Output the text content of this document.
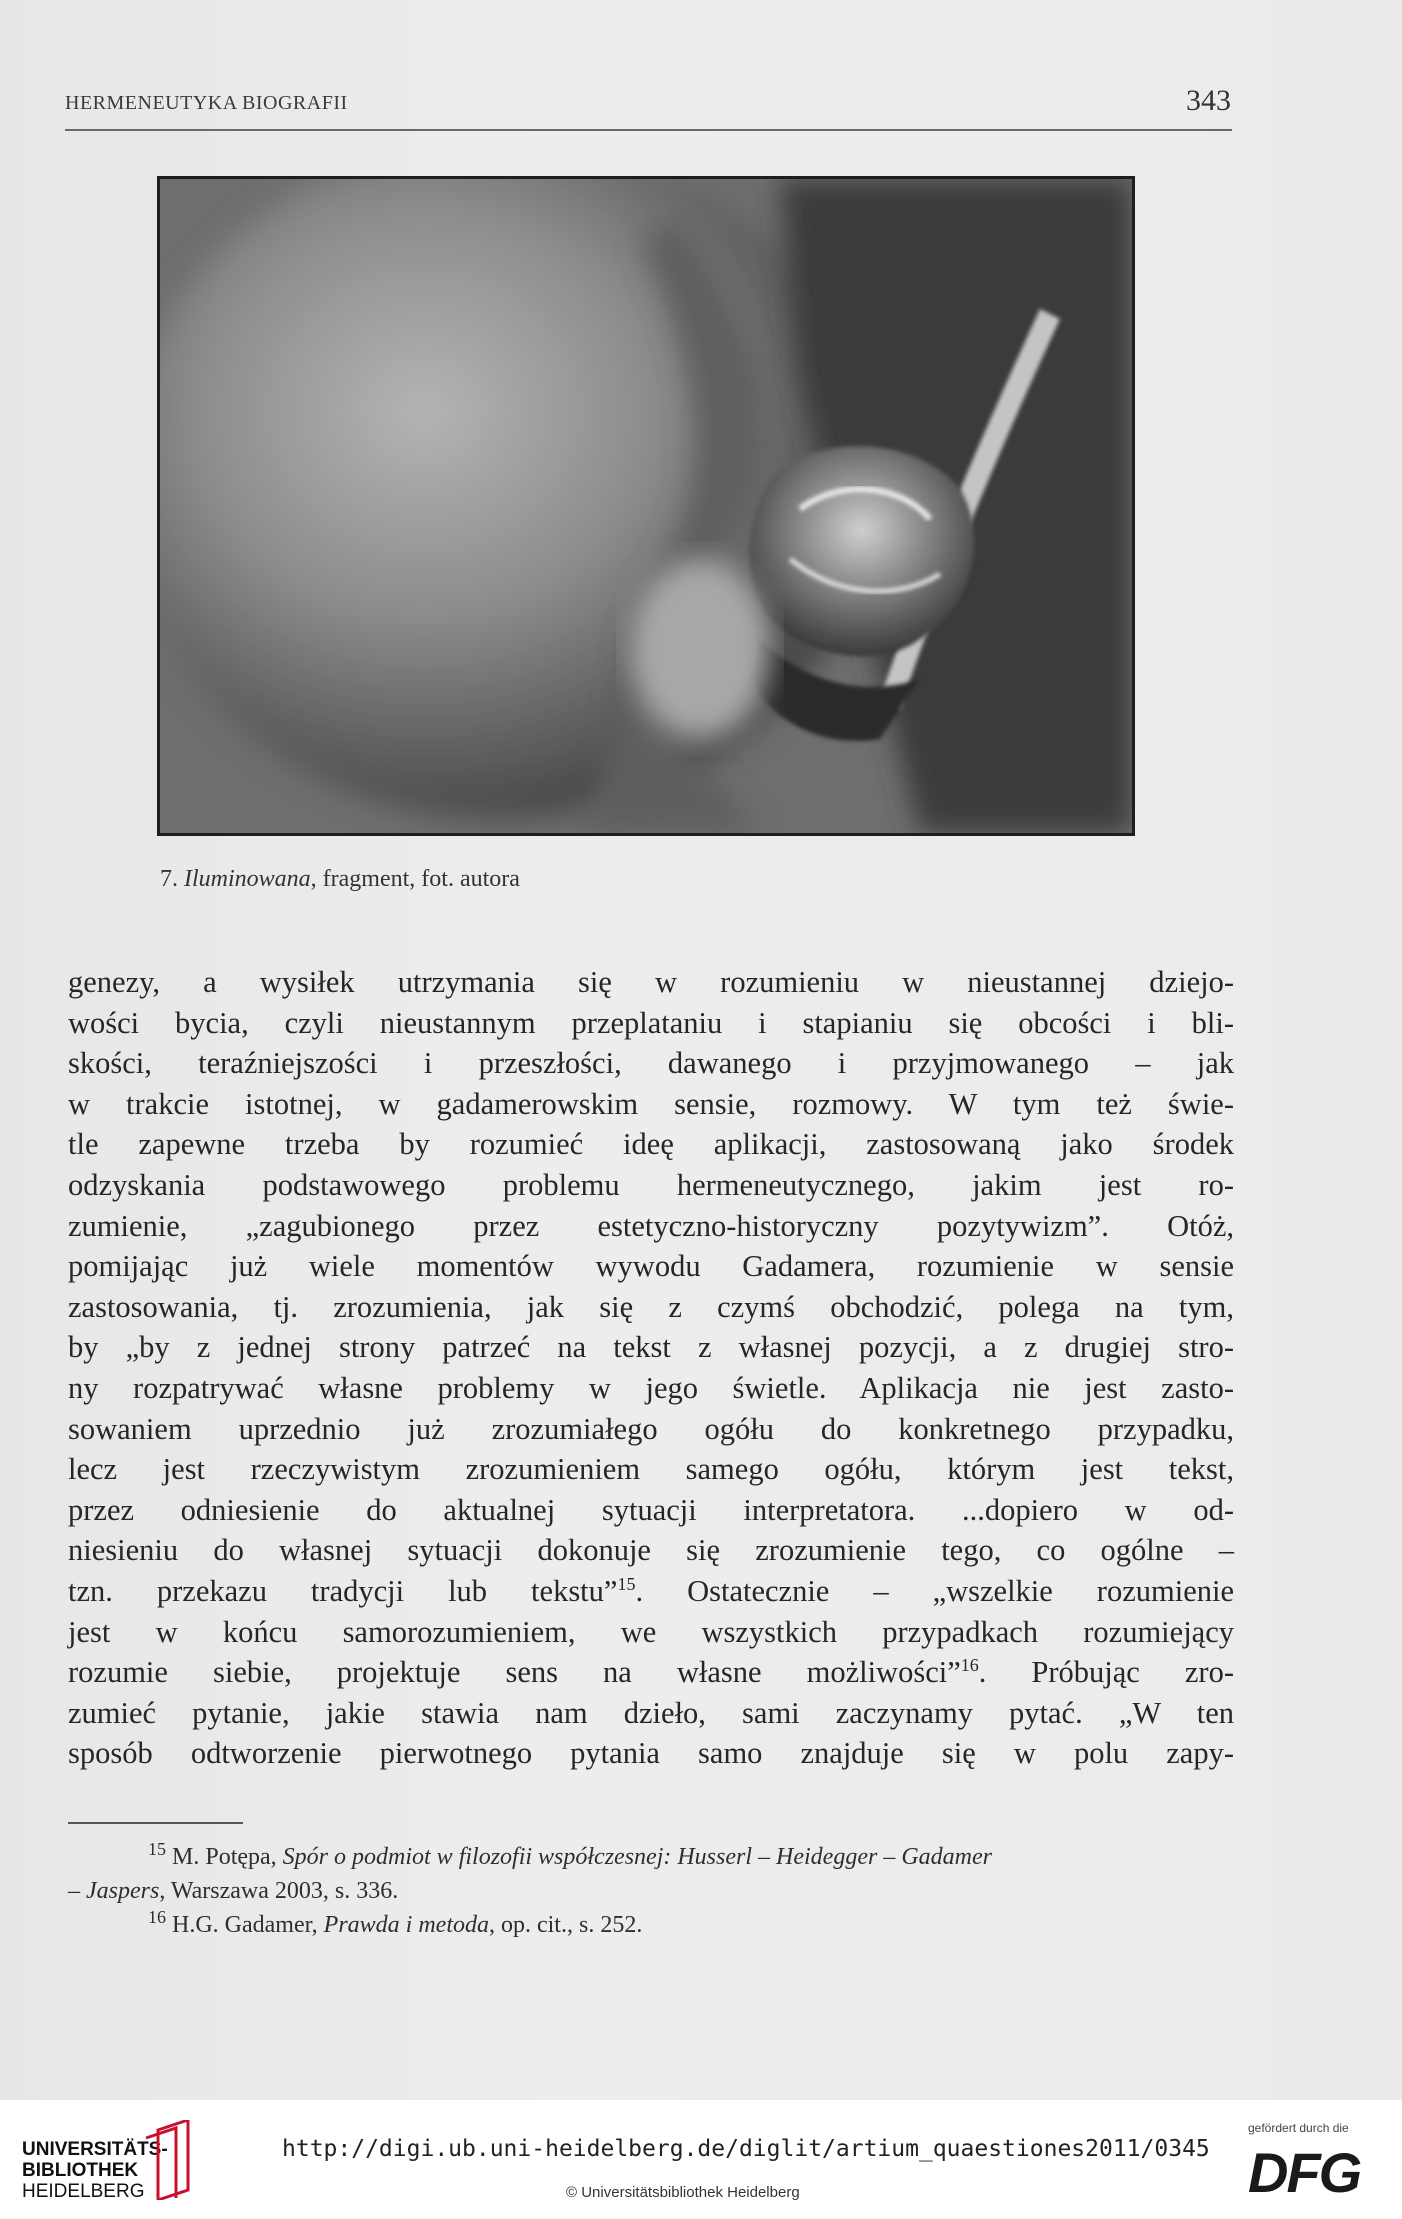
HERMENEUTYKA BIOGRAFII	343
7. Iluminowana, fragment, fot. autora
genezy, a wysiłek utrzymania się w rozumieniu w nieustannej dziejo-
wości bycia, czyli nieustannym przeplataniu i stapianiu się obcości i bli-
skości, teraźniejszości i przeszłości, dawanego i przyjmowanego – jak
w trakcie istotnej, w gadamerowskim sensie, rozmowy. W tym też świe-
tle zapewne trzeba by rozumieć ideę aplikacji, zastosowaną jako środek
odzyskania podstawowego problemu hermeneutycznego, jakim jest ro-
zumienie, „zagubionego przez estetyczno-historyczny pozytywizm”. Otóż,
pomijając już wiele momentów wywodu Gadamera, rozumienie w sensie
zastosowania, tj. zrozumienia, jak się z czymś obchodzić, polega na tym,
by „by z jednej strony patrzeć na tekst z własnej pozycji, a z drugiej stro-
ny rozpatrywać własne problemy w jego świetle. Aplikacja nie jest zasto-
sowaniem uprzednio już zrozumiałego ogółu do konkretnego przypadku,
lecz jest rzeczywistym zrozumieniem samego ogółu, którym jest tekst,
przez odniesienie do aktualnej sytuacji interpretatora. ...dopiero w od-
niesieniu do własnej sytuacji dokonuje się zrozumienie tego, co ogólne –
tzn. przekazu tradycji lub tekstu”$^{15}$. Ostatecznie – „wszelkie rozumienie
jest w końcu samorozumieniem, we wszystkich przypadkach rozumiejący
rozumie siebie, projektuje sens na własne możliwości”$^{16}$. Próbując zro-
zumieć pytanie, jakie stawia nam dzieło, sami zaczynamy pytać. „W ten
sposób odtworzenie pierwotnego pytania samo znajduje się w polu zapy-
$^{15}$ M. Potępa, Spór o podmiot w filozofii współczesnej: Husserl – Heidegger – Gadamer
– Jaspers, Warszawa 2003, s. 336.
$^{16}$ H.G. Gadamer, Prawda i metoda, op. cit., s. 252.
UNIVERSITÄTS-
BIBLIOTHEK
HEIDELBERG
http://digi.ub.uni-heidelberg.de/diglit/artium_quaestiones2011/0345
© Universitätsbibliothek Heidelberg
gefördert durch die
DFG
